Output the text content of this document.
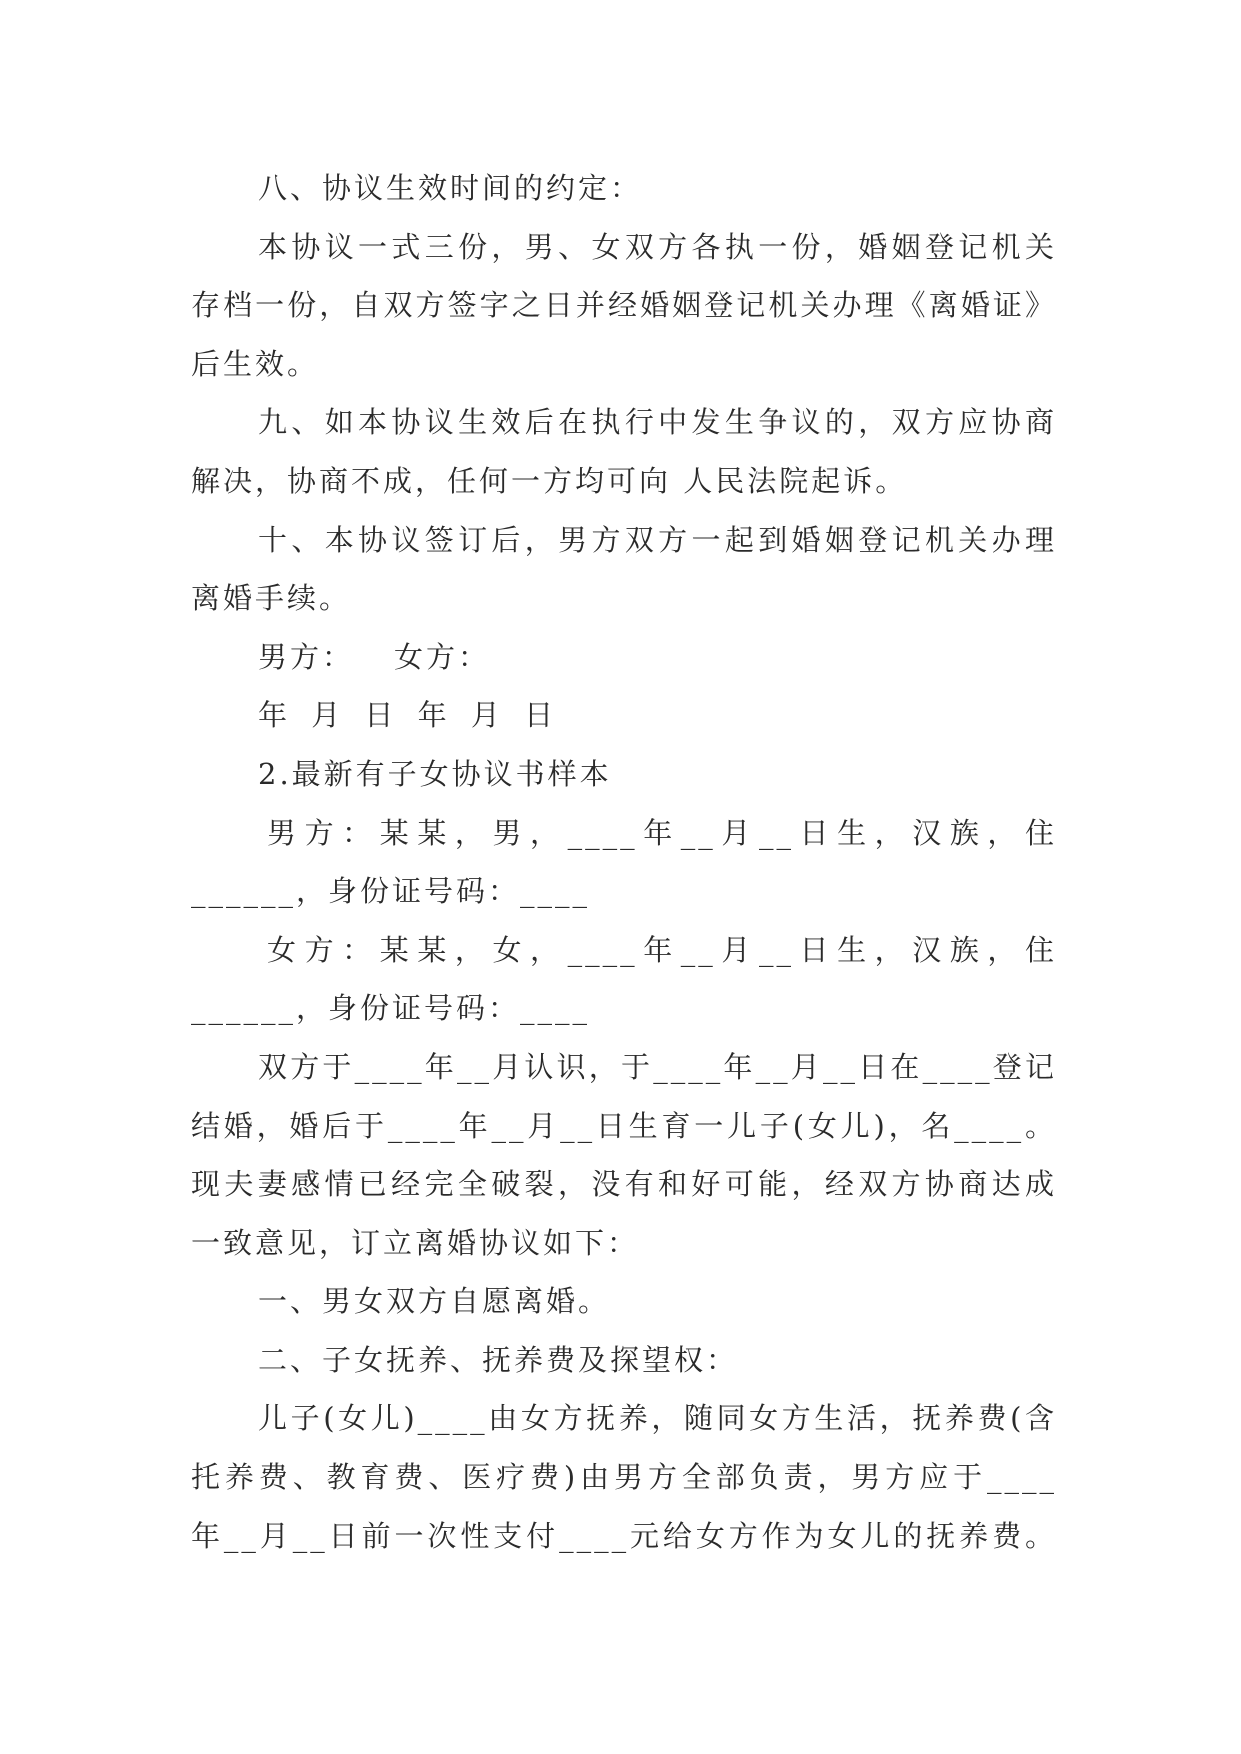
八、协议生效时间的约定：
本协议一式三份，男、女双方各执一份，婚姻登记机关
存档一份，自双方签字之日并经婚姻登记机关办理《离婚证》
后生效。
九、如本协议生效后在执行中发生争议的，双方应协商
解决，协商不成，任何一方均可向 人民法院起诉。
十、本协议签订后，男方双方一起到婚姻登记机关办理
离婚手续。
男方： 女方：
年 月 日 年 月 日
2.最新有子女协议书样本
男方：某某，男，____年__月__日生，汉族，住
______，身份证号码：____
女方：某某，女，____年__月__日生，汉族，住
______，身份证号码：____
双方于____年__月认识，于____年__月__日在____登记
结婚，婚后于____年__月__日生育一儿子(女儿)，名____。
现夫妻感情已经完全破裂，没有和好可能，经双方协商达成
一致意见，订立离婚协议如下：
一、男女双方自愿离婚。
二、子女抚养、抚养费及探望权：
儿子(女儿)____由女方抚养，随同女方生活，抚养费(含
托养费、教育费、医疗费)由男方全部负责，男方应于____
年__月__日前一次性支付____元给女方作为女儿的抚养费。
